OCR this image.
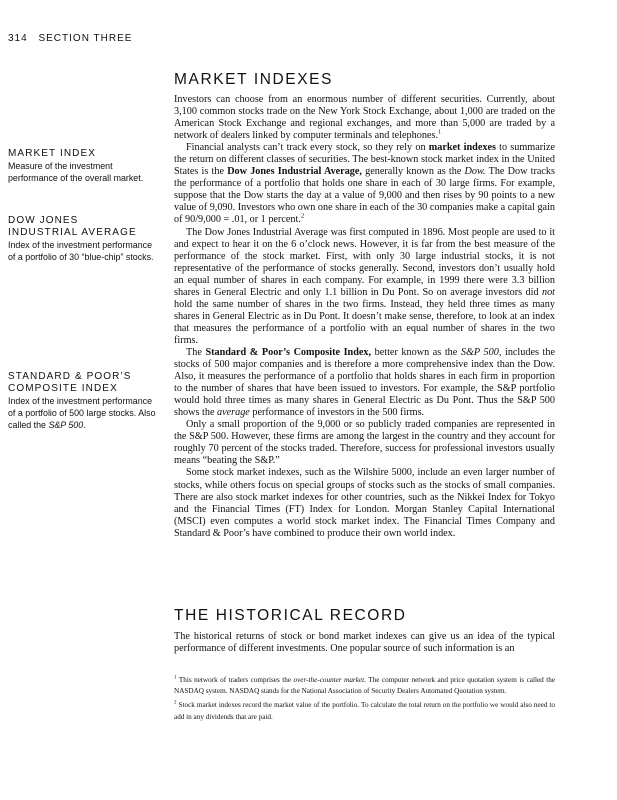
314 SECTION THREE
MARKET INDEX
Measure of the investment performance of the overall market.
DOW JONES
INDUSTRIAL AVERAGE
Index of the investment performance of a portfolio of 30 “blue-chip” stocks.
STANDARD & POOR’S
COMPOSITE INDEX
Index of the investment performance of a portfolio of 500 large stocks. Also called the S&P 500.
MARKET INDEXES

Investors can choose from an enormous number of different securities. Currently, about 3,100 common stocks trade on the New York Stock Exchange, about 1,000 are traded on the American Stock Exchange and regional exchanges, and more than 5,000 are traded by a network of dealers linked by computer terminals and telephones.$^1$

Financial analysts can’t track every stock, so they rely on market indexes to summarize the return on different classes of securities. The best-known stock market index in the United States is the Dow Jones Industrial Average, generally known as the Dow. The Dow tracks the performance of a portfolio that holds one share in each of 30 large firms. For example, suppose that the Dow starts the day at a value of 9,000 and then rises by 90 points to a new value of 9,090. Investors who own one share in each of the 30 companies make a capital gain of 90/9,000 = .01, or 1 percent.$^2$

The Dow Jones Industrial Average was first computed in 1896. Most people are used to it and expect to hear it on the 6 o’clock news. However, it is far from the best measure of the performance of the stock market. First, with only 30 large industrial stocks, it is not representative of the performance of stocks generally. Second, investors don’t usually hold an equal number of shares in each company. For example, in 1999 there were 3.3 billion shares in General Electric and only 1.1 billion in Du Pont. So on average investors did not hold the same number of shares in the two firms. Instead, they held three times as many shares in General Electric as in Du Pont. It doesn’t make sense, therefore, to look at an index that measures the performance of a portfolio with an equal number of shares in the two firms.

The Standard & Poor’s Composite Index, better known as the S&P 500, includes the stocks of 500 major companies and is therefore a more comprehensive index than the Dow. Also, it measures the performance of a portfolio that holds shares in each firm in proportion to the number of shares that have been issued to investors. For example, the S&P portfolio would hold three times as many shares in General Electric as Du Pont. Thus the S&P 500 shows the average performance of investors in the 500 firms.

Only a small proportion of the 9,000 or so publicly traded companies are represented in the S&P 500. However, these firms are among the largest in the country and they account for roughly 70 percent of the stocks traded. Therefore, success for professional investors usually means “beating the S&P.”

Some stock market indexes, such as the Wilshire 5000, include an even larger number of stocks, while others focus on special groups of stocks such as the stocks of small companies. There are also stock market indexes for other countries, such as the Nikkei Index for Tokyo and the Financial Times (FT) Index for London. Morgan Stanley Capital International (MSCI) even computes a world stock market index. The Financial Times Company and Standard & Poor’s have combined to produce their own world index.

THE HISTORICAL RECORD

The historical returns of stock or bond market indexes can give us an idea of the typical performance of different investments. One popular source of such information is an

$^1$ This network of traders comprises the over-the-counter market. The computer network and price quotation system is called the NASDAQ system. NASDAQ stands for the National Association of Security Dealers Automated Quotation system.

$^2$ Stock market indexes record the market value of the portfolio. To calculate the total return on the portfolio we would also need to add in any dividends that are paid.
